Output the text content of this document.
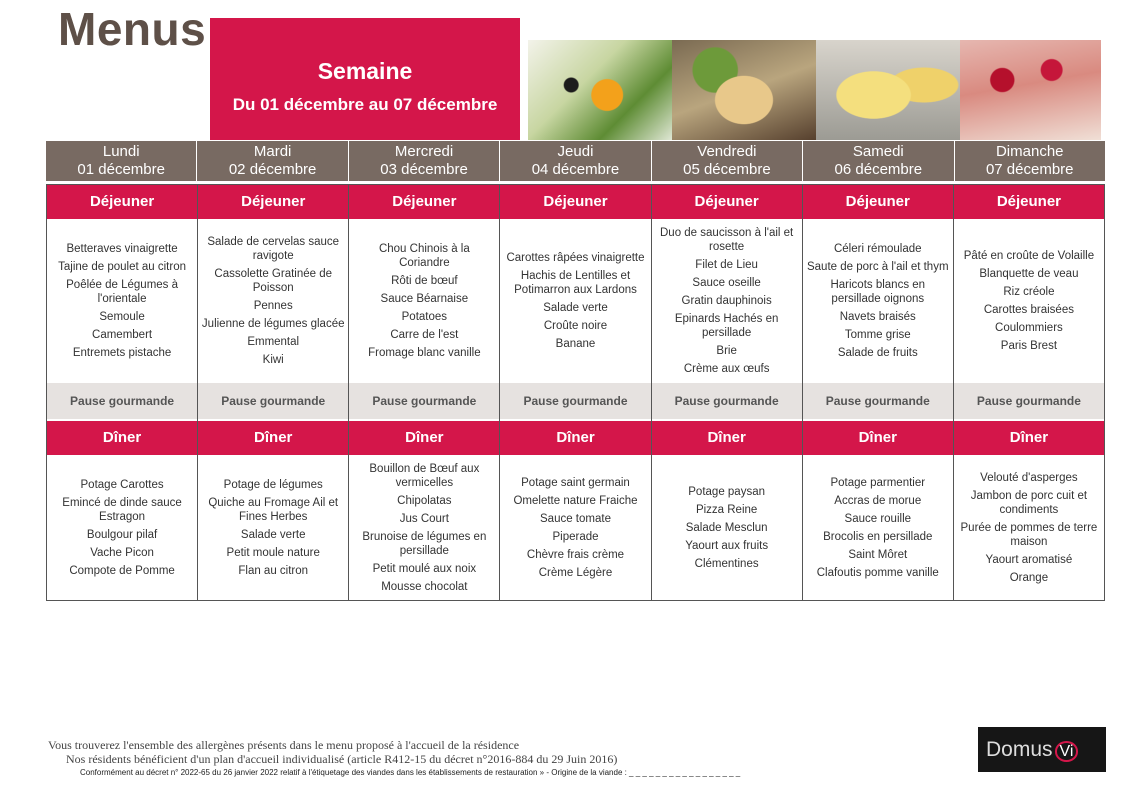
Menus
Semaine
Du 01 décembre au 07 décembre
Lundi
01 décembre
Mardi
02 décembre
Mercredi
03 décembre
Jeudi
04 décembre
Vendredi
05 décembre
Samedi
06 décembre
Dimanche
07 décembre
Déjeuner
Betteraves vinaigrette
Tajine de poulet au citron
Poêlée de Légumes à l'orientale
Semoule
Camembert
Entremets pistache
Pause gourmande
Dîner
Potage Carottes
Emincé de dinde sauce Estragon
Boulgour pilaf
Vache Picon
Compote de Pomme
Déjeuner
Salade de cervelas sauce ravigote
Cassolette Gratinée de Poisson
Pennes
Julienne de légumes glacée
Emmental
Kiwi
Pause gourmande
Dîner
Potage de légumes
Quiche au Fromage Ail et Fines Herbes
Salade verte
Petit moule nature
Flan au citron
Déjeuner
Chou Chinois à la Coriandre
Rôti de bœuf
Sauce Béarnaise
Potatoes
Carre de l'est
Fromage blanc vanille
Pause gourmande
Dîner
Bouillon de Bœuf aux vermicelles
Chipolatas
Jus Court
Brunoise de légumes en persillade
Petit moulé aux noix
Mousse chocolat
Déjeuner
Carottes râpées vinaigrette
Hachis de Lentilles et Potimarron aux Lardons
Salade verte
Croûte noire
Banane
Pause gourmande
Dîner
Potage saint germain
Omelette nature Fraiche
Sauce tomate
Piperade
Chèvre frais crème
Crème Légère
Déjeuner
Duo de saucisson à l'ail et rosette
Filet de Lieu
Sauce oseille
Gratin dauphinois
Epinards Hachés en persillade
Brie
Crème aux œufs
Pause gourmande
Dîner
Potage paysan
Pizza Reine
Salade Mesclun
Yaourt aux fruits
Clémentines
Déjeuner
Céleri rémoulade
Saute de porc à l'ail et thym
Haricots blancs en persillade oignons
Navets braisés
Tomme grise
Salade de fruits
Pause gourmande
Dîner
Potage parmentier
Accras de morue
Sauce rouille
Brocolis en persillade
Saint Môret
Clafoutis pomme vanille
Déjeuner
Pâté en croûte de Volaille
Blanquette de veau
Riz créole
Carottes braisées
Coulommiers
Paris Brest
Pause gourmande
Dîner
Velouté d'asperges
Jambon de porc cuit et condiments
Purée de pommes de terre maison
Yaourt aromatisé
Orange
Vous trouverez l'ensemble des allergènes présents dans le menu proposé à l'accueil de la résidence
Nos résidents bénéficient d'un plan d'accueil individualisé (article R412-15 du décret n°2016-884 du 29 Juin 2016)
Conformément au décret n° 2022-65 du 26 janvier 2022 relatif à l'étiquetage des viandes dans les établissements de restauration » - Origine de la viande : _ _ _ _ _ _ _ _ _ _ _ _ _ _ _ _ _
Domus Vi
